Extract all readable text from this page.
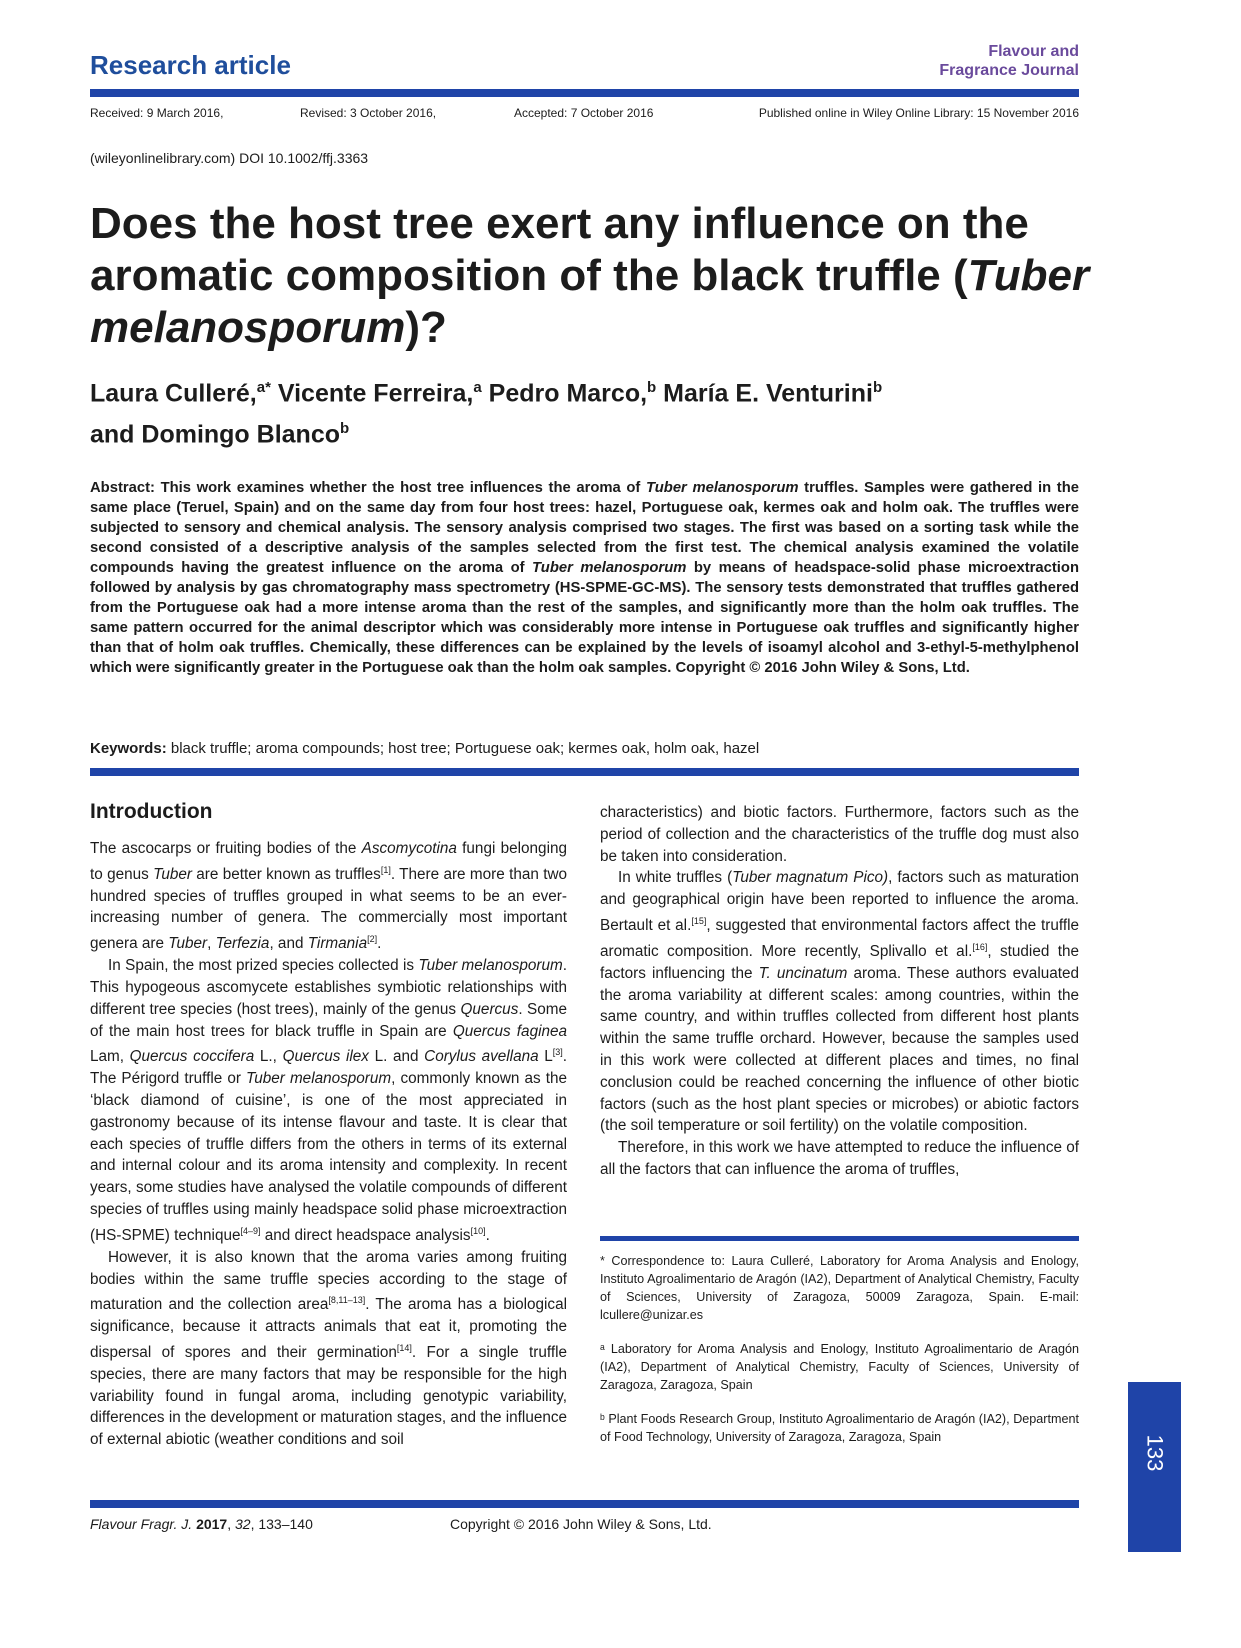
Research article	Flavour and
Fragrance Journal
Received: 9 March 2016,	Revised: 3 October 2016,	Accepted: 7 October 2016	Published online in Wiley Online Library: 15 November 2016
(wileyonlinelibrary.com) DOI 10.1002/ffj.3363
Does the host tree exert any influence on the aromatic composition of the black truffle (Tuber melanosporum)?
Laura Culleré,$^{a*}$ Vicente Ferreira,$^a$ Pedro Marco,$^b$ María E. Venturini$^b$
and Domingo Blanco$^b$
Abstract: This work examines whether the host tree influences the aroma of Tuber melanosporum truffles. Samples were gathered in the same place (Teruel, Spain) and on the same day from four host trees: hazel, Portuguese oak, kermes oak and holm oak. The truffles were subjected to sensory and chemical analysis. The sensory analysis comprised two stages. The first was based on a sorting task while the second consisted of a descriptive analysis of the samples selected from the first test. The chemical analysis examined the volatile compounds having the greatest influence on the aroma of Tuber melanosporum by means of headspace-solid phase microextraction followed by analysis by gas chromatography mass spectrometry (HS-SPME-GC-MS). The sensory tests demonstrated that truffles gathered from the Portuguese oak had a more intense aroma than the rest of the samples, and significantly more than the holm oak truffles. The same pattern occurred for the animal descriptor which was considerably more intense in Portuguese oak truffles and significantly higher than that of holm oak truffles. Chemically, these differences can be explained by the levels of isoamyl alcohol and 3-ethyl-5-methylphenol which were significantly greater in the Portuguese oak than the holm oak samples. Copyright © 2016 John Wiley & Sons, Ltd.
Keywords: black truffle; aroma compounds; host tree; Portuguese oak; kermes oak, holm oak, hazel
Introduction

The ascocarps or fruiting bodies of the Ascomycotina fungi belonging to genus Tuber are better known as truffles[1]. There are more than two hundred species of truffles grouped in what seems to be an ever-increasing number of genera. The commercially most important genera are Tuber, Terfezia, and Tirmania[2].

In Spain, the most prized species collected is Tuber melanosporum. This hypogeous ascomycete establishes symbiotic relationships with different tree species (host trees), mainly of the genus Quercus. Some of the main host trees for black truffle in Spain are Quercus faginea Lam, Quercus coccifera L., Quercus ilex L. and Corylus avellana L[3]. The Périgord truffle or Tuber melanosporum, commonly known as the ‘black diamond of cuisine’, is one of the most appreciated in gastronomy because of its intense flavour and taste. It is clear that each species of truffle differs from the others in terms of its external and internal colour and its aroma intensity and complexity. In recent years, some studies have analysed the volatile compounds of different species of truffles using mainly headspace solid phase microextraction (HS-SPME) technique[4–9] and direct headspace analysis[10].

However, it is also known that the aroma varies among fruiting bodies within the same truffle species according to the stage of maturation and the collection area[8,11–13]. The aroma has a biological significance, because it attracts animals that eat it, promoting the dispersal of spores and their germination[14]. For a single truffle species, there are many factors that may be responsible for the high variability found in fungal aroma, including genotypic variability, differences in the development or maturation stages, and the influence of external abiotic (weather conditions and soil

characteristics) and biotic factors. Furthermore, factors such as the period of collection and the characteristics of the truffle dog must also be taken into consideration.

In white truffles (Tuber magnatum Pico), factors such as maturation and geographical origin have been reported to influence the aroma. Bertault et al.[15], suggested that environmental factors affect the truffle aromatic composition. More recently, Splivallo et al.[16], studied the factors influencing the T. uncinatum aroma. These authors evaluated the aroma variability at different scales: among countries, within the same country, and within truffles collected from different host plants within the same truffle orchard. However, because the samples used in this work were collected at different places and times, no final conclusion could be reached concerning the influence of other biotic factors (such as the host plant species or microbes) or abiotic factors (the soil temperature or soil fertility) on the volatile composition.

Therefore, in this work we have attempted to reduce the influence of all the factors that can influence the aroma of truffles,

* Correspondence to: Laura Culleré, Laboratory for Aroma Analysis and Enology, Instituto Agroalimentario de Aragón (IA2), Department of Analytical Chemistry, Faculty of Sciences, University of Zaragoza, 50009 Zaragoza, Spain. E-mail: lcullere@unizar.es

ᵃ Laboratory for Aroma Analysis and Enology, Instituto Agroalimentario de Aragón (IA2), Department of Analytical Chemistry, Faculty of Sciences, University of Zaragoza, Zaragoza, Spain

ᵇ Plant Foods Research Group, Instituto Agroalimentario de Aragón (IA2), Department of Food Technology, University of Zaragoza, Zaragoza, Spain	133
Flavour Fragr. J. 2017, 32, 133–140	Copyright © 2016 John Wiley & Sons, Ltd.
